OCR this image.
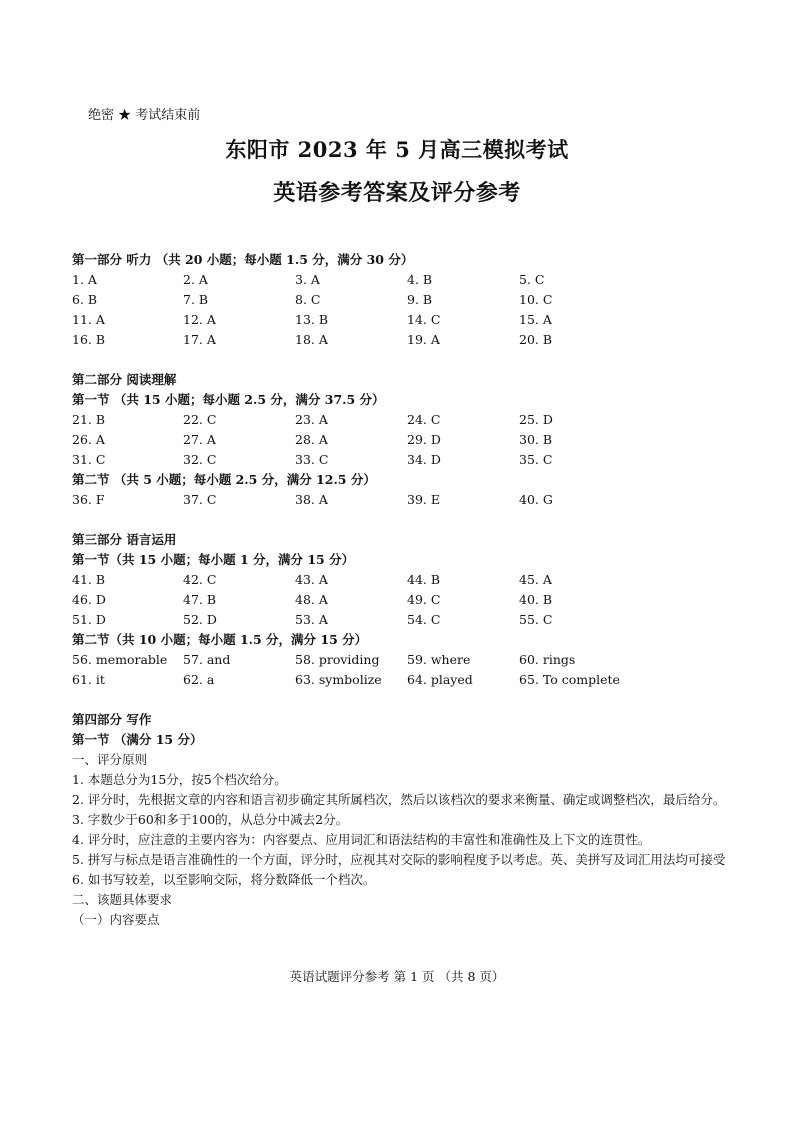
绝密 ★ 考试结束前
东阳市 2023 年 5 月高三模拟考试
英语参考答案及评分参考
第一部分 听力 （共 20 小题；每小题 1.5 分，满分 30 分）
1. A	2. A	3. A	4. B	5. C
6. B	7. B	8. C	9. B	10. C
11. A	12. A	13. B	14. C	15. A
16. B	17. A	18. A	19. A	20. B
第二部分 阅读理解
第一节 （共 15 小题；每小题 2.5 分，满分 37.5 分）
21. B	22. C	23. A	24. C	25. D
26. A	27. A	28. A	29. D	30. B
31. C	32. C	33. C	34. D	35. C
第二节 （共 5 小题；每小题 2.5 分，满分 12.5 分）
36. F	37. C	38. A	39. E	40. G
第三部分 语言运用
第一节（共 15 小题；每小题 1 分，满分 15 分）
41. B	42. C	43. A	44. B	45. A
46. D	47. B	48. A	49. C	40. B
51. D	52. D	53. A	54. C	55. C
第二节（共 10 小题；每小题 1.5 分，满分 15 分）
56. memorable	57. and	58. providing	59. where	60. rings
61. it	62. a	63. symbolize	64. played	65. To complete
第四部分 写作
第一节 （满分 15 分）
一、评分原则
1. 本题总分为15分，按5个档次给分。
2. 评分时，先根据文章的内容和语言初步确定其所属档次，然后以该档次的要求来衡量、确定或调整档次，最后给分。
3. 字数少于60和多于100的，从总分中减去2分。
4. 评分时，应注意的主要内容为：内容要点、应用词汇和语法结构的丰富性和准确性及上下文的连贯性。
5. 拼写与标点是语言准确性的一个方面，评分时，应视其对交际的影响程度予以考虑。英、美拼写及词汇用法均可接受
6. 如书写较差，以至影响交际，将分数降低一个档次。
二、该题具体要求
（一）内容要点
英语试题评分参考 第 1 页 （共 8 页）
